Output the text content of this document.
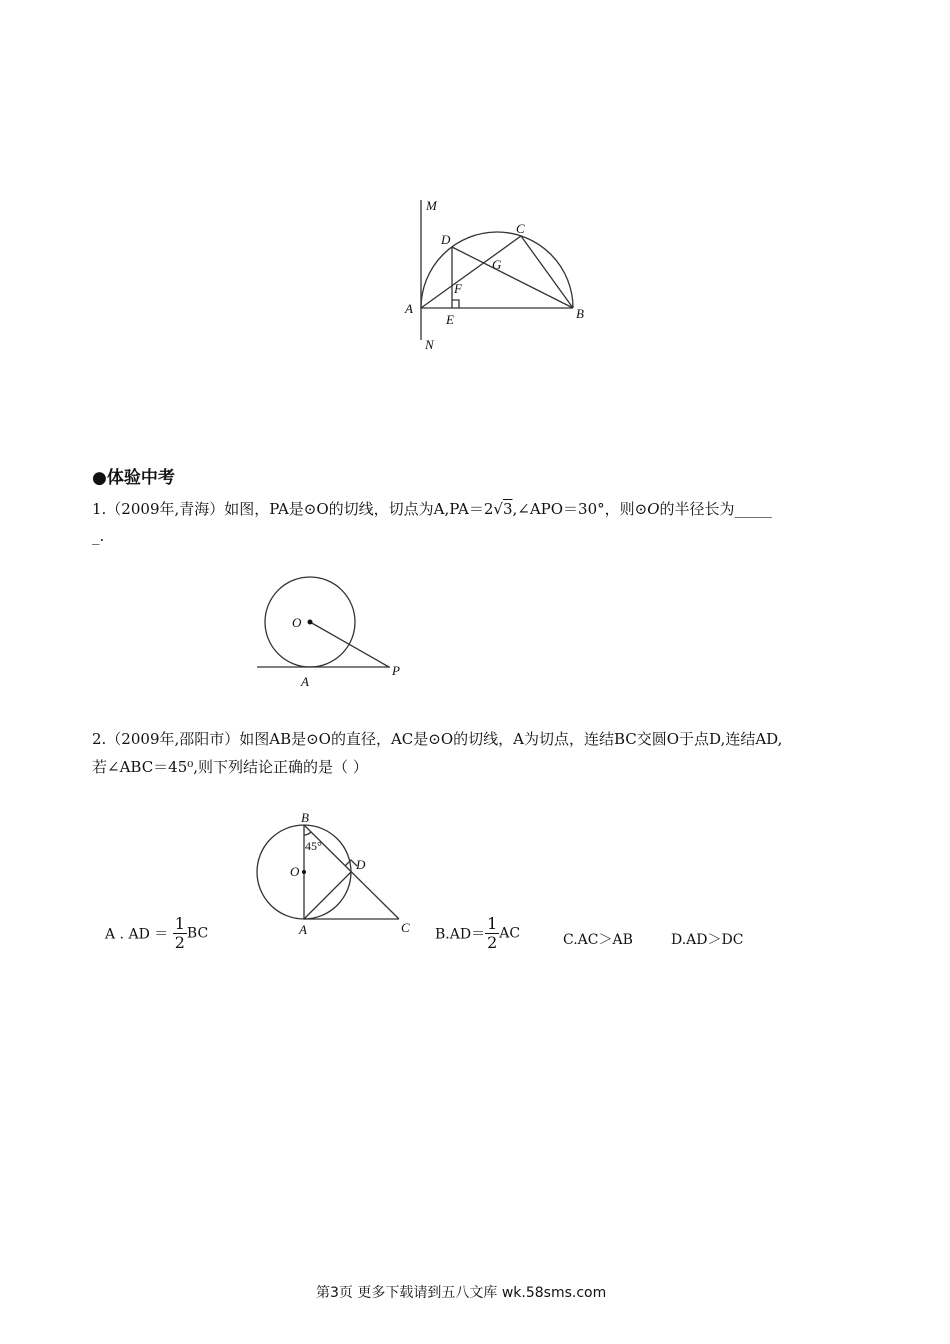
M
D
C
G
F
A
E	B
N
●体验中考
1.（2009年,青海）如图，PA是⊙O的切线，切点为A,PA＝2√3,∠APO＝30°，则⊙O的半径长为_____
_.
O
A
P
2.（2009年,邵阳市）如图AB是⊙O的直径，AC是⊙O的切线，A为切点，连结BC交圆O于点D,连结AD,
若∠ABC＝45⁰,则下列结论正确的是（ ）
B
45°
O	D
A	C
A . AD ＝ $\frac{1}{2}$ BC	$B.AD= \frac{1}{2}$ AC	C.AC＞AB	D.AD＞DC
第3页 更多下载请到五八文库 wk.58sms.com
